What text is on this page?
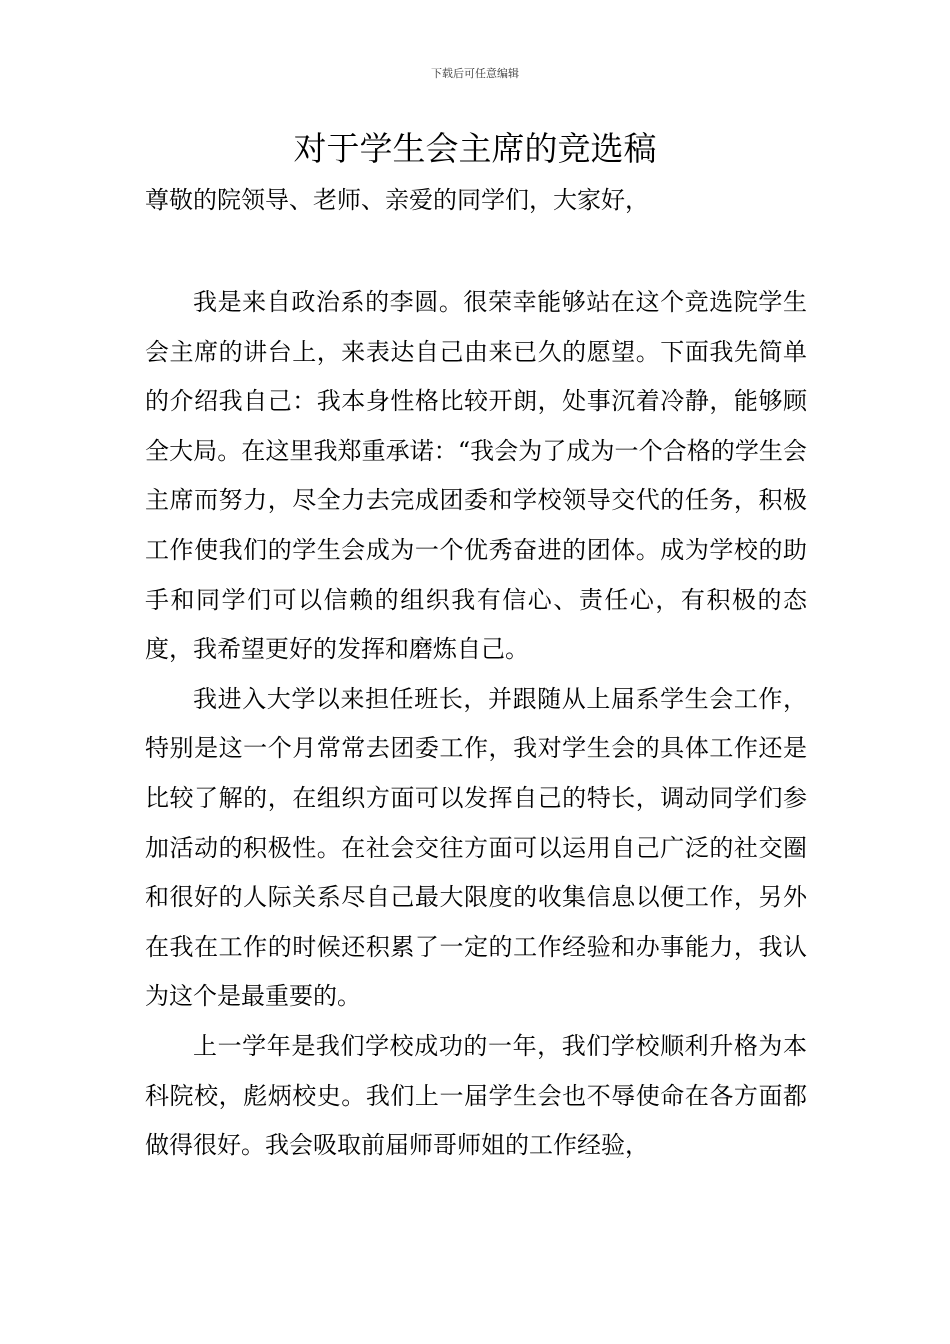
下载后可任意编辑
对于学生会主席的竞选稿
尊敬的院领导、老师、亲爱的同学们，大家好，

我是来自政治系的李圆。很荣幸能够站在这个竞选院学生会主席的讲台上，来表达自己由来已久的愿望。下面我先简单的介绍我自己：我本身性格比较开朗，处事沉着冷静，能够顾全大局。在这里我郑重承诺：“我会为了成为一个合格的学生会主席而努力，尽全力去完成团委和学校领导交代的任务，积极工作使我们的学生会成为一个优秀奋进的团体。成为学校的助手和同学们可以信赖的组织我有信心、责任心，有积极的态度，我希望更好的发挥和磨炼自己。

我进入大学以来担任班长，并跟随从上届系学生会工作，特别是这一个月常常去团委工作，我对学生会的具体工作还是比较了解的，在组织方面可以发挥自己的特长，调动同学们参加活动的积极性。在社会交往方面可以运用自己广泛的社交圈和很好的人际关系尽自己最大限度的收集信息以便工作，另外在我在工作的时候还积累了一定的工作经验和办事能力，我认为这个是最重要的。

上一学年是我们学校成功的一年，我们学校顺利升格为本科院校，彪炳校史。我们上一届学生会也不辱使命在各方面都做得很好。我会吸取前届师哥师姐的工作经验，
